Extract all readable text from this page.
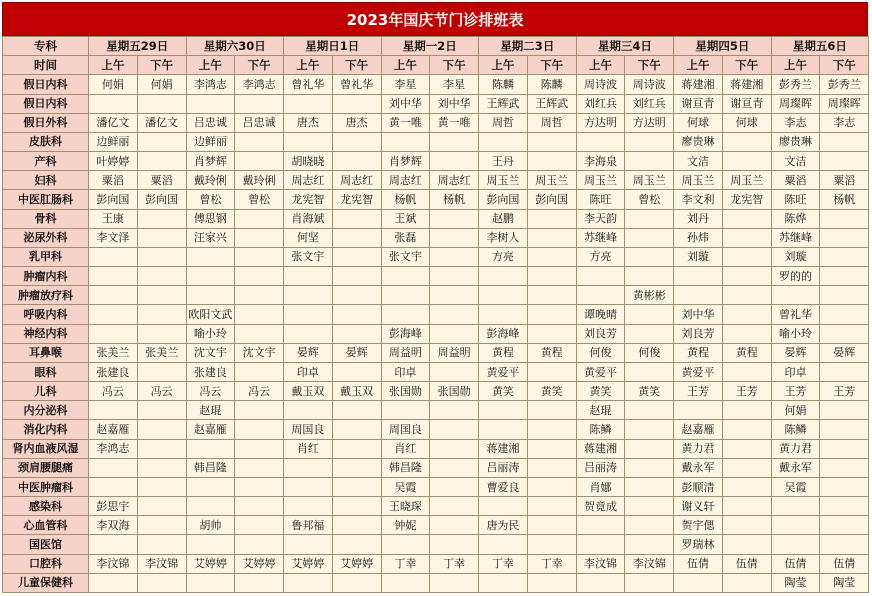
2023年国庆节门诊排班表
专科	星期五29日		星期六30日		星期日1日		星期一2日		星期二3日		星期三4日		星期四5日		星期五6日	
时间	上午	下午	上午	下午	上午	下午	上午	下午	上午	下午	上午	下午	上午	下午	上午	下午
假日内科	何娟	何娟	李鸿志	李鸿志	曾礼华	曾礼华	李星	李星	陈麟	陈麟	周诗波	周诗波	蒋建湘	蒋建湘	彭秀兰	彭秀兰
假日内科							刘中华	刘中华	王辉武	王辉武	刘红兵	刘红兵	谢亘青	谢亘青	周璨晖	周璨晖
假日外科	潘亿文	潘亿文	吕忠诚	吕忠诚	唐杰	唐杰	黄一唯	黄一唯	周哲	周哲	方达明	方达明	何球	何球	李志	李志
皮肤科	边鲜丽		边鲜丽										廖贵琳		廖贵琳	
产科	叶婷婷		肖梦辉		胡晓晓		肖梦辉		王丹		李海泉		文洁		文洁	
妇科	粟滔	粟滔	戴玲俐	戴玲俐	周志红	周志红	周志红	周志红	周玉兰	周玉兰	周玉兰	周玉兰	周玉兰	周玉兰	粟滔	粟滔
中医肛肠科	彭向国	彭向国	曾松	曾松	龙宪智	龙宪智	杨帆	杨帆	彭向国	彭向国	陈旺	曾松	李文利	龙宪智	陈旺	杨帆
骨科	王康		傅思钢		肖海斌		王斌		赵鹏		李天韵		刘丹		陈烨	
泌尿外科	李文泽		汪家兴		何坚		张磊		李树人		苏继峰		孙炜		苏继峰	
乳甲科					张文宇		张文宇		方亮		方亮		刘璇		刘璇	
肿瘤内科															罗的的	
肿瘤放疗科												黄彬彬				
呼吸内科			欧阳文武								谭晚晴		刘中华		曾礼华	
神经内科			喻小玲				彭海峰		彭海峰		刘良芳		刘良芳		喻小玲	
耳鼻喉	张美兰	张美兰	沈文宇	沈文宇	晏辉	晏辉	周益明	周益明	黄程	黄程	何俊	何俊	黄程	黄程	晏辉	晏辉
眼科	张建良		张建良		印卓		印卓		黄爱平		黄爱平		黄爱平		印卓	
儿科	冯云	冯云	冯云	冯云	戴玉双	戴玉双	张国勋	张国勋	黄笑	黄笑	黄笑	黄笑	王芳	王芳	王芳	王芳
内分泌科			赵琨								赵琨				何娟	
消化内科	赵嘉雁		赵嘉雁		周国良		周国良				陈鳞		赵嘉雁		陈鳞	
肾内血液风湿	李鸿志				肖红		肖红		蒋建湘		蒋建湘		黄力君		黄力君	
颈肩腰腿痛			韩昌隆				韩昌隆		吕丽涛		吕丽涛		戴永军		戴永军	
中医肿瘤科							吴霞		曹爱良		肖娜		彭顺清		吴霞	
感染科	彭思宇						王晓琛				贺竟成		谢义轩			
心血管科	李双海		胡帅		鲁邦福		钟妮		唐为民				贺宇偲			
国医馆													罗瑞林			
口腔科	李汶锦	李汶锦	艾婷婷	艾婷婷	艾婷婷	艾婷婷	丁幸	丁幸	丁幸	丁幸	李汶锦	李汶锦	伍倩	伍倩	伍倩	伍倩
儿童保健科															陶莹	陶莹
